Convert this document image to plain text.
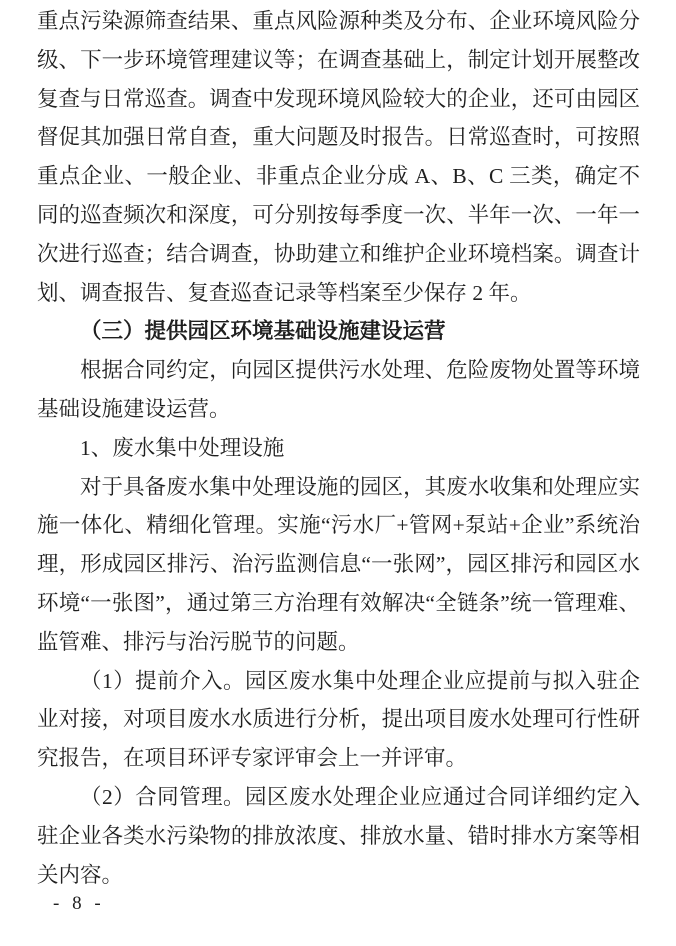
重点污染源筛查结果、重点风险源种类及分布、企业环境风险分级、下一步环境管理建议等；在调查基础上，制定计划开展整改复查与日常巡查。调查中发现环境风险较大的企业，还可由园区督促其加强日常自查，重大问题及时报告。日常巡查时，可按照重点企业、一般企业、非重点企业分成 A、B、C 三类，确定不同的巡查频次和深度，可分别按每季度一次、半年一次、一年一次进行巡查；结合调查，协助建立和维护企业环境档案。调查计划、调查报告、复查巡查记录等档案至少保存 2 年。

（三）提供园区环境基础设施建设运营

根据合同约定，向园区提供污水处理、危险废物处置等环境基础设施建设运营。

1、废水集中处理设施

对于具备废水集中处理设施的园区，其废水收集和处理应实施一体化、精细化管理。实施“污水厂+管网+泵站+企业”系统治理，形成园区排污、治污监测信息“一张网”，园区排污和园区水环境“一张图”，通过第三方治理有效解决“全链条”统一管理难、监管难、排污与治污脱节的问题。

（1）提前介入。园区废水集中处理企业应提前与拟入驻企业对接，对项目废水水质进行分析，提出项目废水处理可行性研究报告，在项目环评专家评审会上一并评审。

（2）合同管理。园区废水处理企业应通过合同详细约定入驻企业各类水污染物的排放浓度、排放水量、错时排水方案等相关内容。

- 8 -
